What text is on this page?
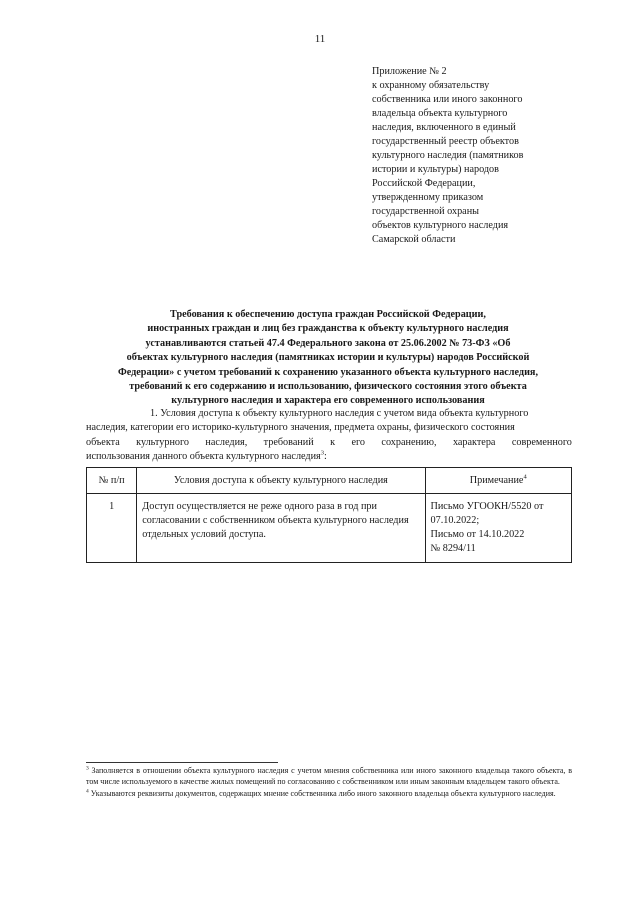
11
Приложение № 2
к охранному обязательству
собственника или иного законного
владельца объекта культурного
наследия, включенного в единый
государственный реестр объектов
культурного наследия (памятников
истории и культуры) народов
Российской Федерации,
утвержденному приказом
государственной охраны
объектов культурного наследия
Самарской области
Требования к обеспечению доступа граждан Российской Федерации,
иностранных граждан и лиц без гражданства к объекту культурного наследия
устанавливаются статьей 47.4 Федерального закона от 25.06.2002 № 73-ФЗ «Об
объектах культурного наследия (памятниках истории и культуры) народов Российской
Федерации» с учетом требований к сохранению указанного объекта культурного наследия,
требований к его содержанию и использованию, физического состояния этого объекта
культурного наследия и характера его современного использования
1. Условия доступа к объекту культурного наследия с учетом вида объекта культурного
наследия, категории его историко-культурного значения, предмета охраны, физического состояния
объекта культурного наследия, требований к его сохранению, характера современного
использования данного объекта культурного наследия$^3$:
№ п/п	Условия доступа к объекту культурного наследия	Примечание$^4$
1	Доступ осуществляется не реже одного раза в год при согласовании с собственником объекта культурного наследия отдельных условий доступа.	Письмо УГООКН/5520 от
07.10.2022;
Письмо от 14.10.2022
№ 8294/11
$^3$ Заполняется в отношении объекта культурного наследия с учетом мнения собственника или иного законного владельца такого объекта, в том числе используемого в качестве жилых помещений по согласованию с собственником или иным законным владельцем такого объекта.
$^4$ Указываются реквизиты документов, содержащих мнение собственника либо иного законного владельца объекта культурного наследия.
